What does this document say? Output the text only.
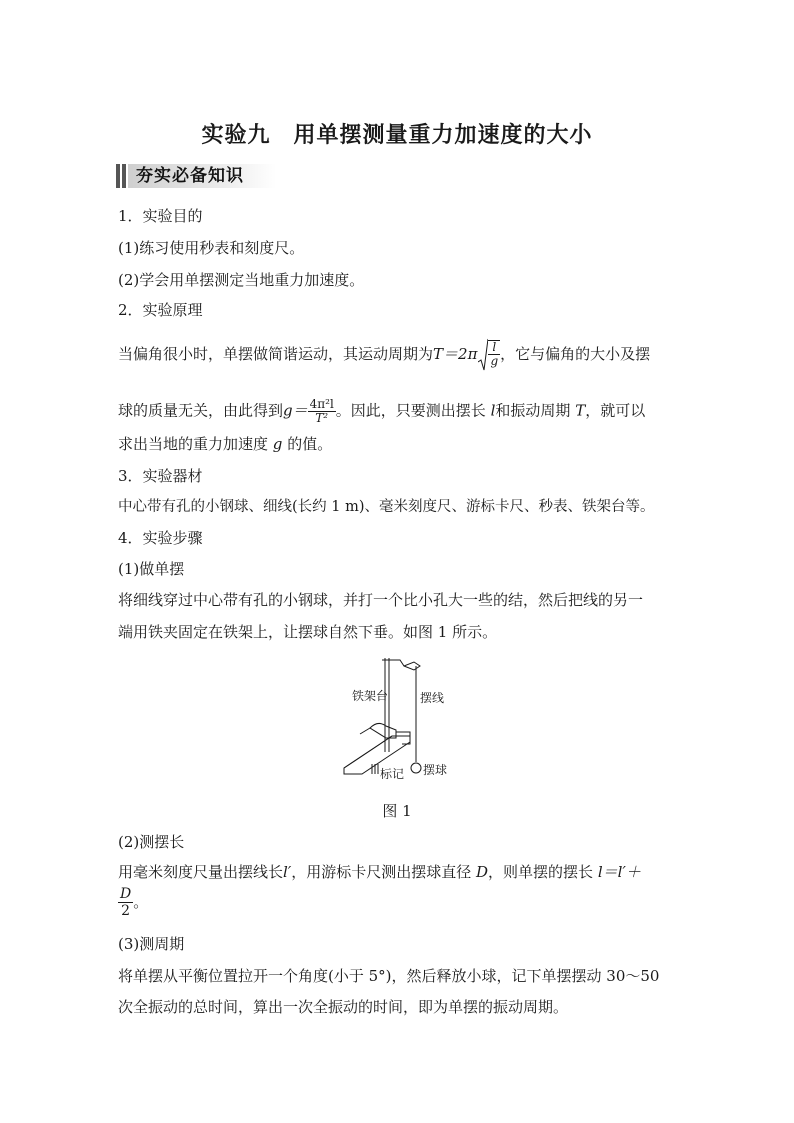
实验九　用单摆测量重力加速度的大小
夯实必备知识
1．实验目的
(1)练习使用秒表和刻度尺。
(2)学会用单摆测定当地重力加速度。
2．实验原理
当偏角很小时，单摆做简谐运动，其运动周期为$T=2\pi \frac{l}{g}$ ，它与偏角的大小及摆
球的质量无关，由此得到$g= \frac{\text{4π²l}}{\text{T²}}$ 。因此，只要测出摆长 l和振动周期 T，就可以
求出当地的重力加速度 g 的值。
3．实验器材
中心带有孔的小钢球、细线(长约 1 m)、毫米刻度尺、游标卡尺、秒表、铁架台等。
4．实验步骤
(1)做单摆
将细线穿过中心带有孔的小钢球，并打一个比小孔大一些的结，然后把线的另一
端用铁夹固定在铁架上，让摆球自然下垂。如图 1 所示。
铁架台	摆线
标记 摆球
图 1
(2)测摆长
用毫米刻度尺量出摆线长l′，用游标卡尺测出摆球直径 D，则单摆的摆长 l＝l′＋
$\frac{D}{2}$ 。
(3)测周期
将单摆从平衡位置拉开一个角度(小于 5°)，然后释放小球，记下单摆摆动 30～50
次全振动的总时间，算出一次全振动的时间，即为单摆的振动周期。
